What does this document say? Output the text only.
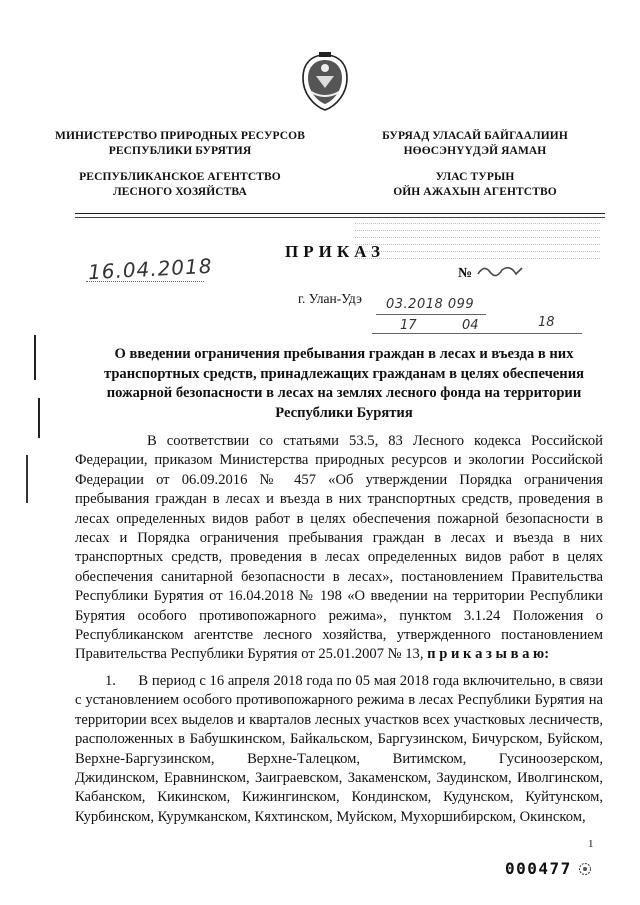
МИНИСТЕРСТВО ПРИРОДНЫХ РЕСУРСОВ
РЕСПУБЛИКИ БУРЯТИЯ
РЕСПУБЛИКАНСКОЕ АГЕНТСТВО
ЛЕСНОГО ХОЗЯЙСТВА
БУРЯАД УЛАСАЙ БАЙГААЛИИН
НӨӨСЭНҮҮДЭЙ ЯАМАН
УЛАС ТУРЫН
ОЙН АЖАХЫН АГЕНТСТВО
ПРИКАЗ
16.04.2018	№
г. Улан-Удэ 03.2018 099
17	04	18
О введении ограничения пребывания граждан в лесах и въезда в них
транспортных средств, принадлежащих гражданам в целях обеспечения
пожарной безопасности в лесах на землях лесного фонда на территории
Республики Бурятия
В соответствии со статьями 53.5, 83 Лесного кодекса Российской Федерации, приказом Министерства природных ресурсов и экологии Российской Федерации от 06.09.2016 № 457 «Об утверждении Порядка ограничения пребывания граждан в лесах и въезда в них транспортных средств, проведения в лесах определенных видов работ в целях обеспечения пожарной безопасности в лесах и Порядка ограничения пребывания граждан в лесах и въезда в них транспортных средств, проведения в лесах определенных видов работ в целях обеспечения санитарной безопасности в лесах», постановлением Правительства Республики Бурятия от 16.04.2018 № 198 «О введении на территории Республики Бурятия особого противопожарного режима», пунктом 3.1.24 Положения о Республиканском агентстве лесного хозяйства, утвержденного постановлением Правительства Республики Бурятия от 25.01.2007 № 13, п р и к а з ы в а ю:
1. В период с 16 апреля 2018 года по 05 мая 2018 года включительно, в связи с установлением особого противопожарного режима в лесах Республики Бурятия на территории всех выделов и кварталов лесных участков всех участковых лесничеств, расположенных в Бабушкинском, Байкальском, Баргузинском, Бичурском, Буйском, Верхне-Баргузинском, Верхне-Талецком, Витимском, Гусиноозерском, Джидинском, Еравнинском, Заиграевском, Закаменском, Заудинском, Иволгинском, Кабанском, Кикинском, Кижингинском, Кондинском, Кудунском, Куйтунском, Курбинском, Курумканском, Кяхтинском, Муйском, Мухоршибирском, Окинском,
1
000477
